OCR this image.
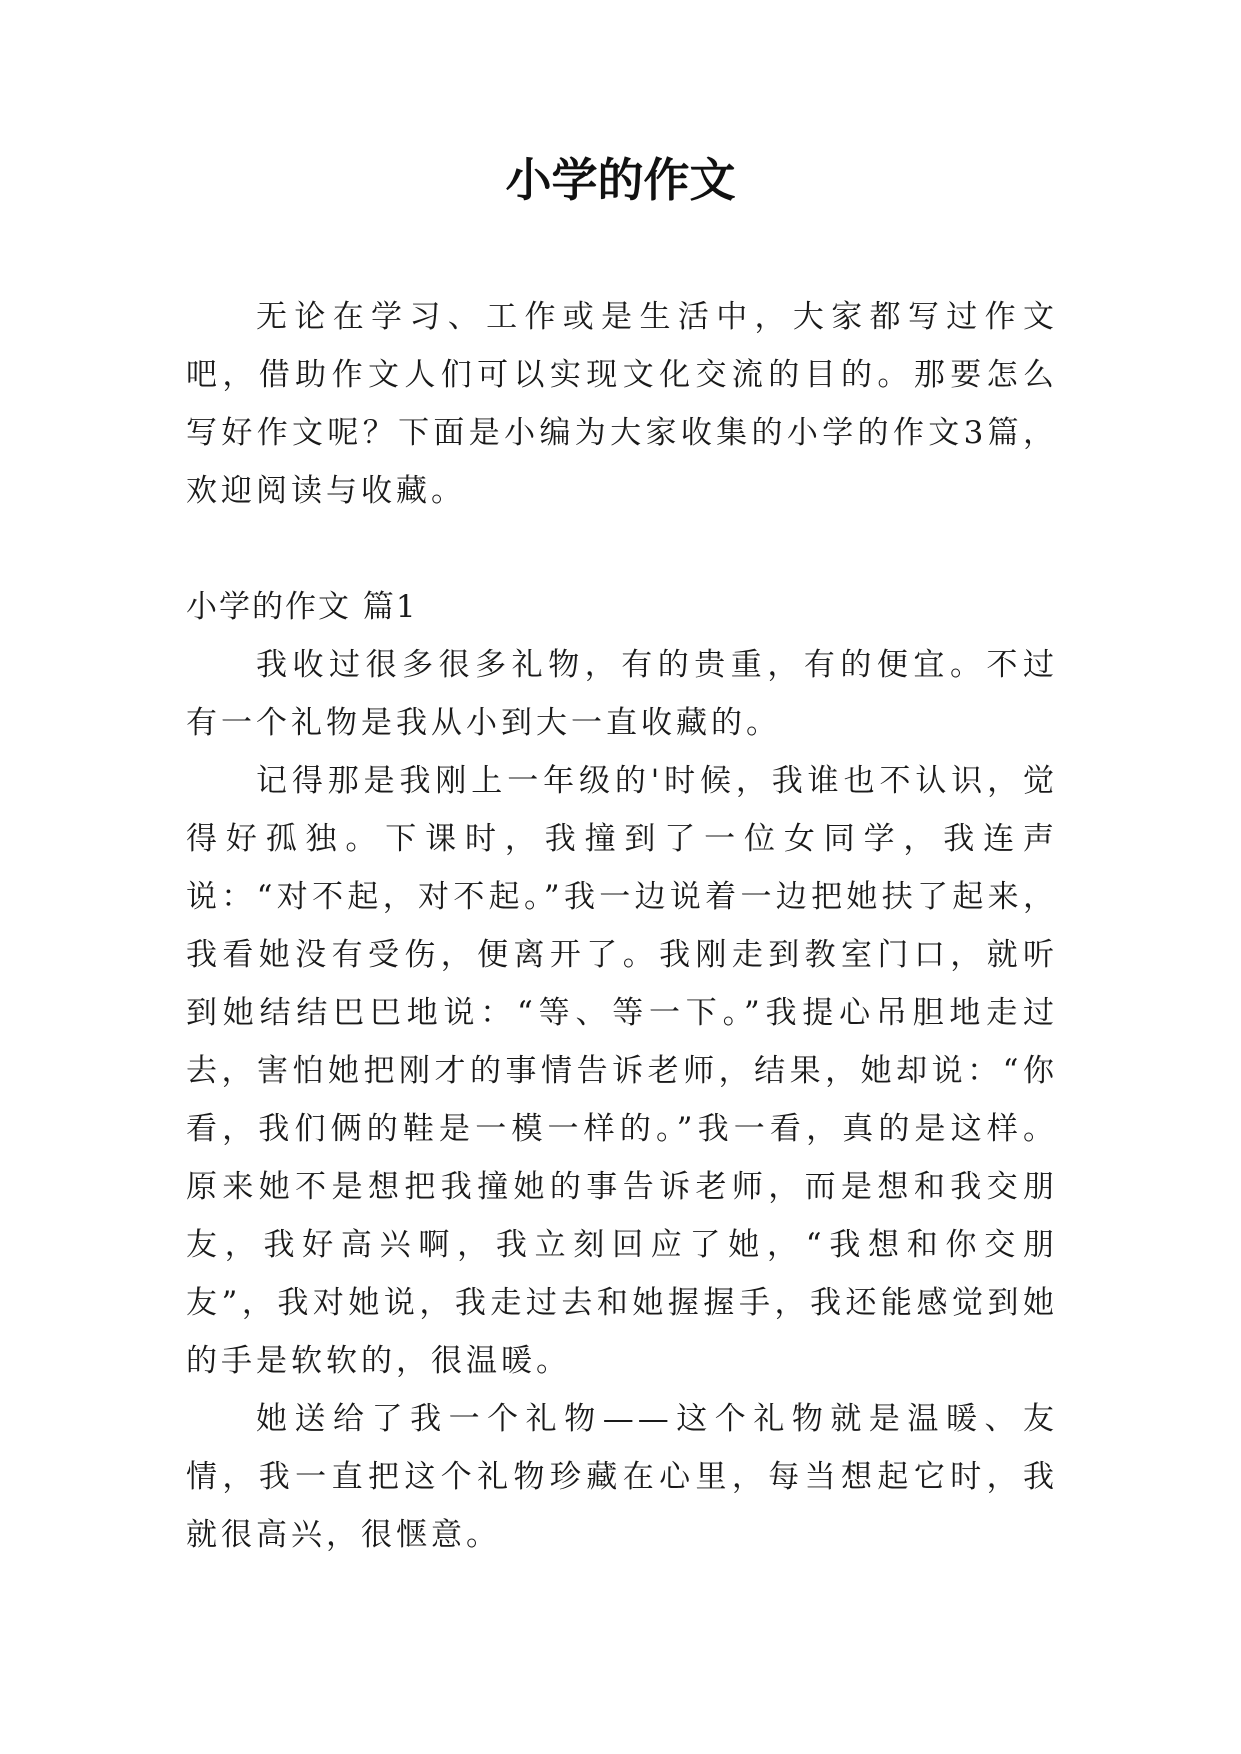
小学的作文

无论在学习、工作或是生活中，大家都写过作文吧，借助作文人们可以实现文化交流的目的。那要怎么写好作文呢？下面是小编为大家收集的小学的作文3篇，欢迎阅读与收藏。

小学的作文 篇1

我收过很多很多礼物，有的贵重，有的便宜。不过有一个礼物是我从小到大一直收藏的。

记得那是我刚上一年级的'时候，我谁也不认识，觉得好孤独。下课时，我撞到了一位女同学，我连声说：“对不起，对不起。”我一边说着一边把她扶了起来，我看她没有受伤，便离开了。我刚走到教室门口，就听到她结结巴巴地说：“等、等一下。”我提心吊胆地走过去，害怕她把刚才的事情告诉老师，结果，她却说：“你看，我们俩的鞋是一模一样的。”我一看，真的是这样。原来她不是想把我撞她的事告诉老师，而是想和我交朋友，我好高兴啊，我立刻回应了她，“我想和你交朋友”，我对她说，我走过去和她握握手，我还能感觉到她的手是软软的，很温暖。

她送给了我一个礼物——这个礼物就是温暖、友情，我一直把这个礼物珍藏在心里，每当想起它时，我就很高兴，很惬意。
